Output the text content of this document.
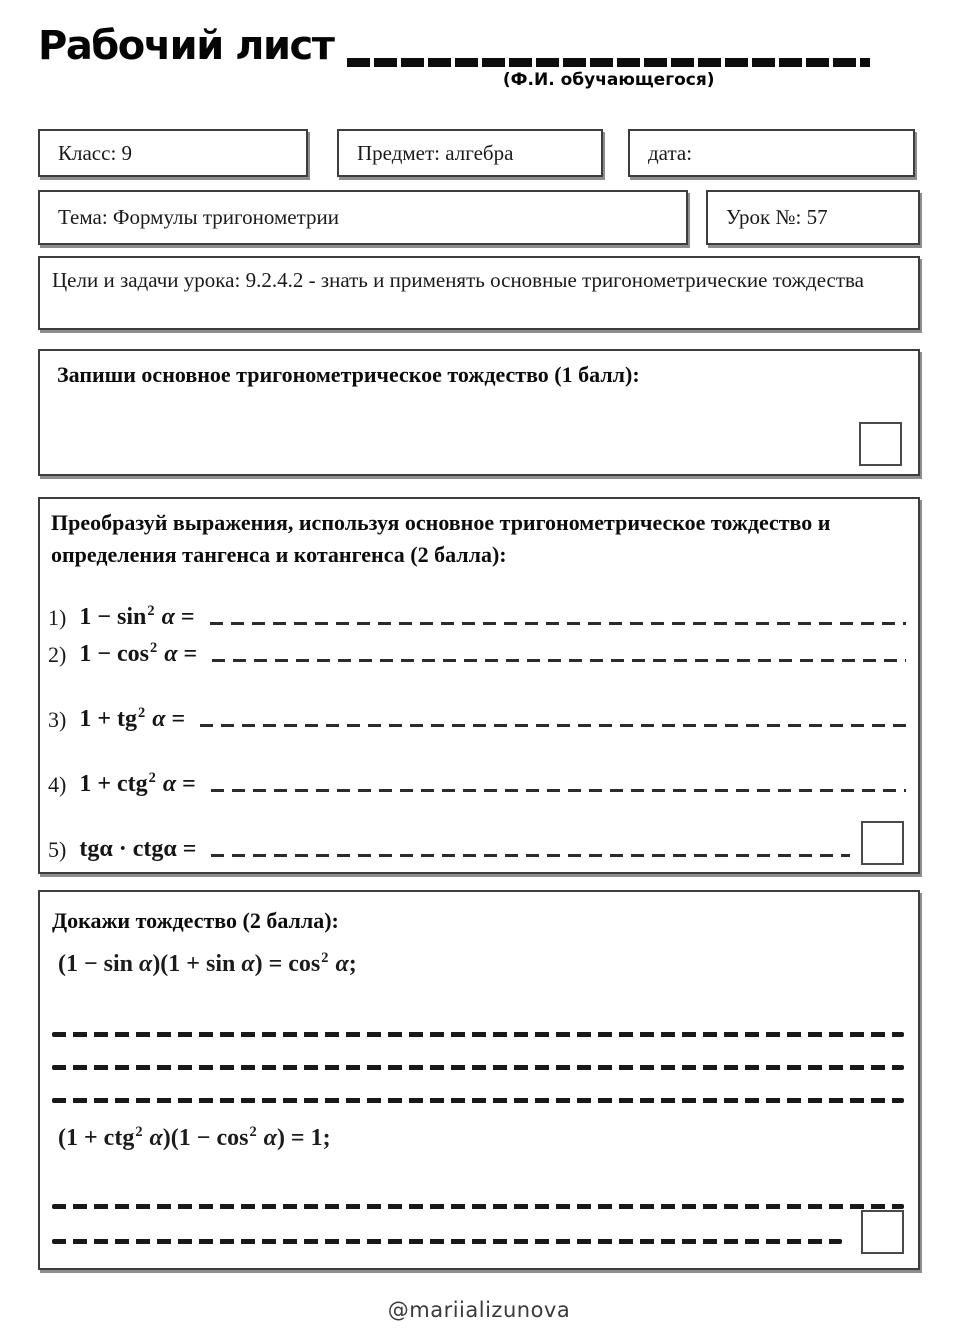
Рабочий лист
(Ф.И. обучающегося)
Класс: 9	Предмет: алгебра	дата:
Тема: Формулы тригонометрии	Урок №: 57
Цели и задачи урока: 9.2.4.2 - знать и применять основные тригонометрические тождества
Запиши основное тригонометрическое тождество (1 балл):
Преобразуй выражения, используя основное тригонометрическое тождество и определения тангенса и котангенса (2 балла):
1) $1 - \sin^2 \alpha$ =
2) $1 - \cos^2 \alpha$ =
3) $1 + tg^2$ α =
4) 1 + ctg$^2$ α =
5) tgα · ctgα =
Докажи тождество (2 балла):
$(1 - \sin \alpha)(1 + \sin \alpha) = \cos^2 \alpha$;
(1 + ctg$^2$ $\alpha)(1 - \cos^2 \alpha) = 1$;
@mariializunova
